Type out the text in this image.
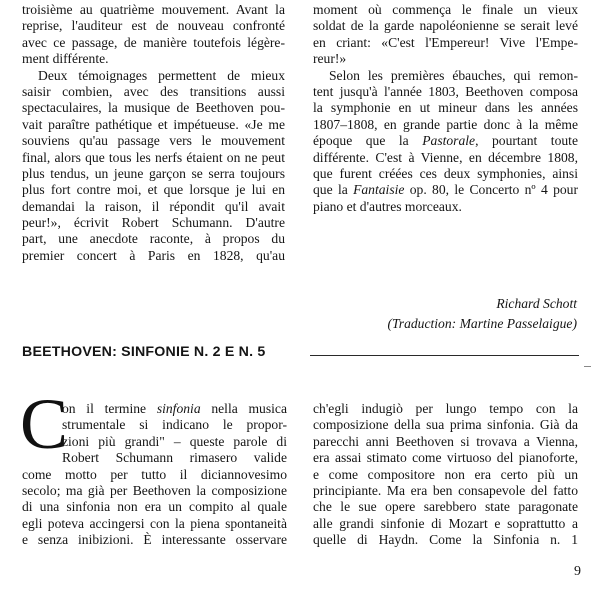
troisième au quatrième mouvement. Avant la
reprise, l'auditeur est de nouveau confronté
avec ce passage, de manière toutefois légère-
ment différente.
Deux témoignages permettent de mieux
saisir combien, avec des transitions aussi
spectaculaires, la musique de Beethoven pou-
vait paraître pathétique et impétueuse. «Je me
souviens qu'au passage vers le mouvement
final, alors que tous les nerfs étaient on ne peut
plus tendus, un jeune garçon se serra toujours
plus fort contre moi, et que lorsque je lui en
demandai la raison, il répondit qu'il avait
peur!», écrivit Robert Schumann. D'autre
part, une anecdote raconte, à propos du
premier concert à Paris en 1828, qu'au
moment où commença le finale un vieux
soldat de la garde napoléonienne se serait levé
en criant: «C'est l'Empereur! Vive l'Empe-
reur!»
Selon les premières ébauches, qui remon-
tent jusqu'à l'année 1803, Beethoven composa
la symphonie en ut mineur dans les années
1807–1808, en grande partie donc à la même
époque que la Pastorale, pourtant toute
différente. C'est à Vienne, en décembre 1808,
que furent créées ces deux symphonies, ainsi
que la Fantaisie op. 80, le Concerto nº 4 pour
piano et d'autres morceaux.
Richard Schott
(Traduction: Martine Passelaigue)
BEETHOVEN: SINFONIE N. 2 E N. 5
C
on il termine sinfonia nella musica
strumentale si indicano le propor-
zioni più grandi" – queste parole di
Robert Schumann rimasero valide
come motto per tutto il diciannovesimo
secolo; ma già per Beethoven la composizione
di una sinfonia non era un compito al quale
egli poteva accingersi con la piena spontaneità
e senza inibizioni. È interessante osservare
ch'egli indugiò per lungo tempo con la
composizione della sua prima sinfonia. Già da
parecchi anni Beethoven si trovava a Vienna,
era assai stimato come virtuoso del pianoforte,
e come compositore non era certo più un
principiante. Ma era ben consapevole del fatto
che le sue opere sarebbero state paragonate
alle grandi sinfonie di Mozart e soprattutto a
quelle di Haydn. Come la Sinfonia n. 1
9
